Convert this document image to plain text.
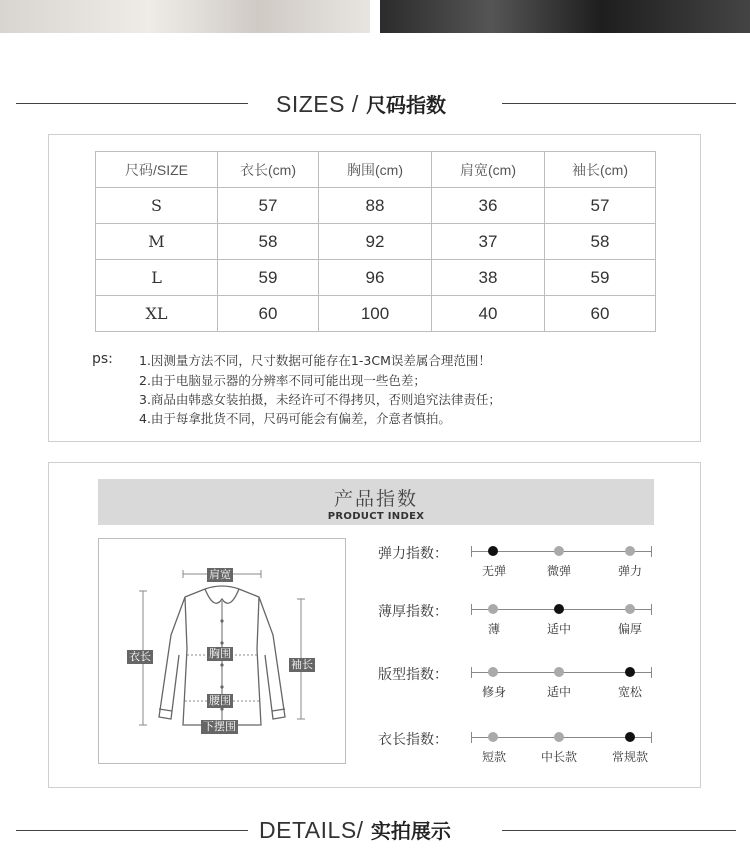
SIZES / 尺码指数
尺码/SIZE	衣长(cm)	胸围(cm)	肩宽(cm)	袖长(cm)
S	57	88	36	57
M	58	92	37	58
L	59	96	38	59
XL	60	100	40	60
ps: 1.因测量方法不同，尺寸数据可能存在1-3CM误差属合理范围！
2.由于电脑显示器的分辨率不同可能出现一些色差；
3.商品由韩惑女装拍摄，未经许可不得拷贝，否则追究法律责任；
4.由于每拿批货不同，尺码可能会有偏差，介意者慎拍。
产品指数
PRODUCT INDEX
肩宽
衣长	胸围
袖长
腰围
下摆围
弹力指数：
无弹	微弹	弹力
薄厚指数：
薄	适中	偏厚
版型指数：
修身	适中	宽松
衣长指数：
短款	中长款	常规款
DETAILS/ 实拍展示
